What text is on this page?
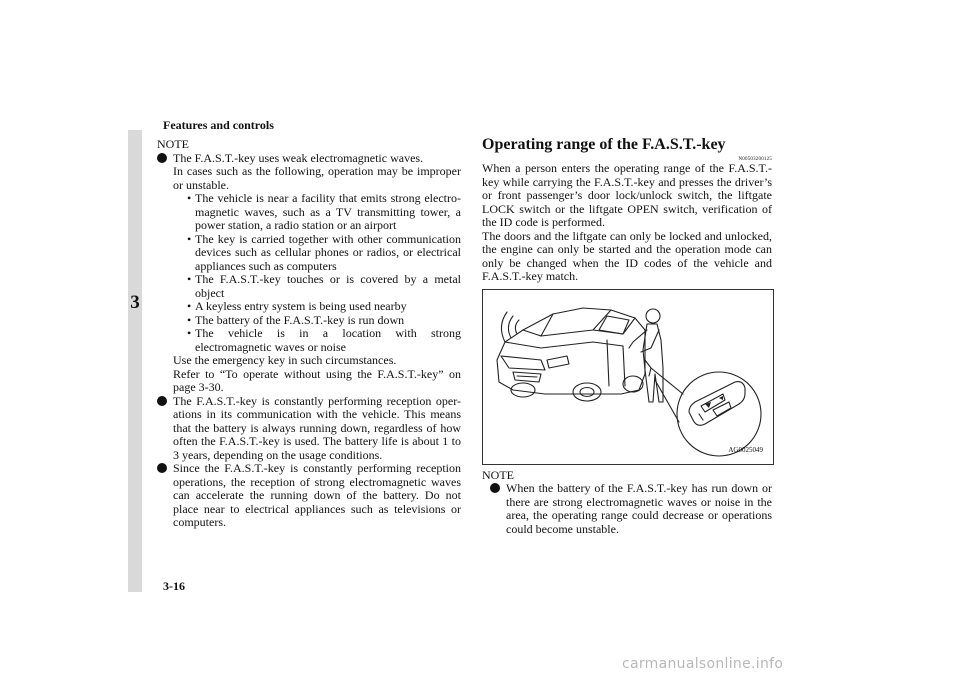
Features and controls
3

NOTE

The F.A.S.T.-key uses weak electromagnetic waves.

In cases such as the following, operation may be improper or unstable.

• The vehicle is near a facility that emits strong electro-magnetic waves, such as a TV transmitting tower, a power station, a radio station or an airport
• The key is carried together with other communication devices such as cellular phones or radios, or electrical appliances such as computers
• The F.A.S.T.-key touches or is covered by a metal object
• A keyless entry system is being used nearby
• The battery of the F.A.S.T.-key is run down
• The vehicle is in a location with strong electromagnetic waves or noise

Use the emergency key in such circumstances.

Refer to “To operate without using the F.A.S.T.-key” on page 3-30.

The F.A.S.T.-key is constantly performing reception oper-ations in its communication with the vehicle. This means that the battery is always running down, regardless of how often the F.A.S.T.-key is used. The battery life is about 1 to 3 years, depending on the usage conditions.

Since the F.A.S.T.-key is constantly performing reception operations, the reception of strong electromagnetic waves can accelerate the running down of the battery. Do not place near to electrical appliances such as televisions or computers.

Operating range of the F.A.S.T.-key
N00503200125

When a person enters the operating range of the F.A.S.T.-key while carrying the F.A.S.T.-key and presses the driver’s or front passenger’s door lock/unlock switch, the liftgate LOCK switch or the liftgate OPEN switch, verification of the ID code is performed.

The doors and the liftgate can only be locked and unlocked, the engine can only be started and the operation mode can only be changed when the ID codes of the vehicle and F.A.S.T.-key match.

AG0025049

NOTE

When the battery of the F.A.S.T.-key has run down or there are strong electromagnetic waves or noise in the area, the operating range could decrease or operations could become unstable.

3-16
carmanualsonline.info
